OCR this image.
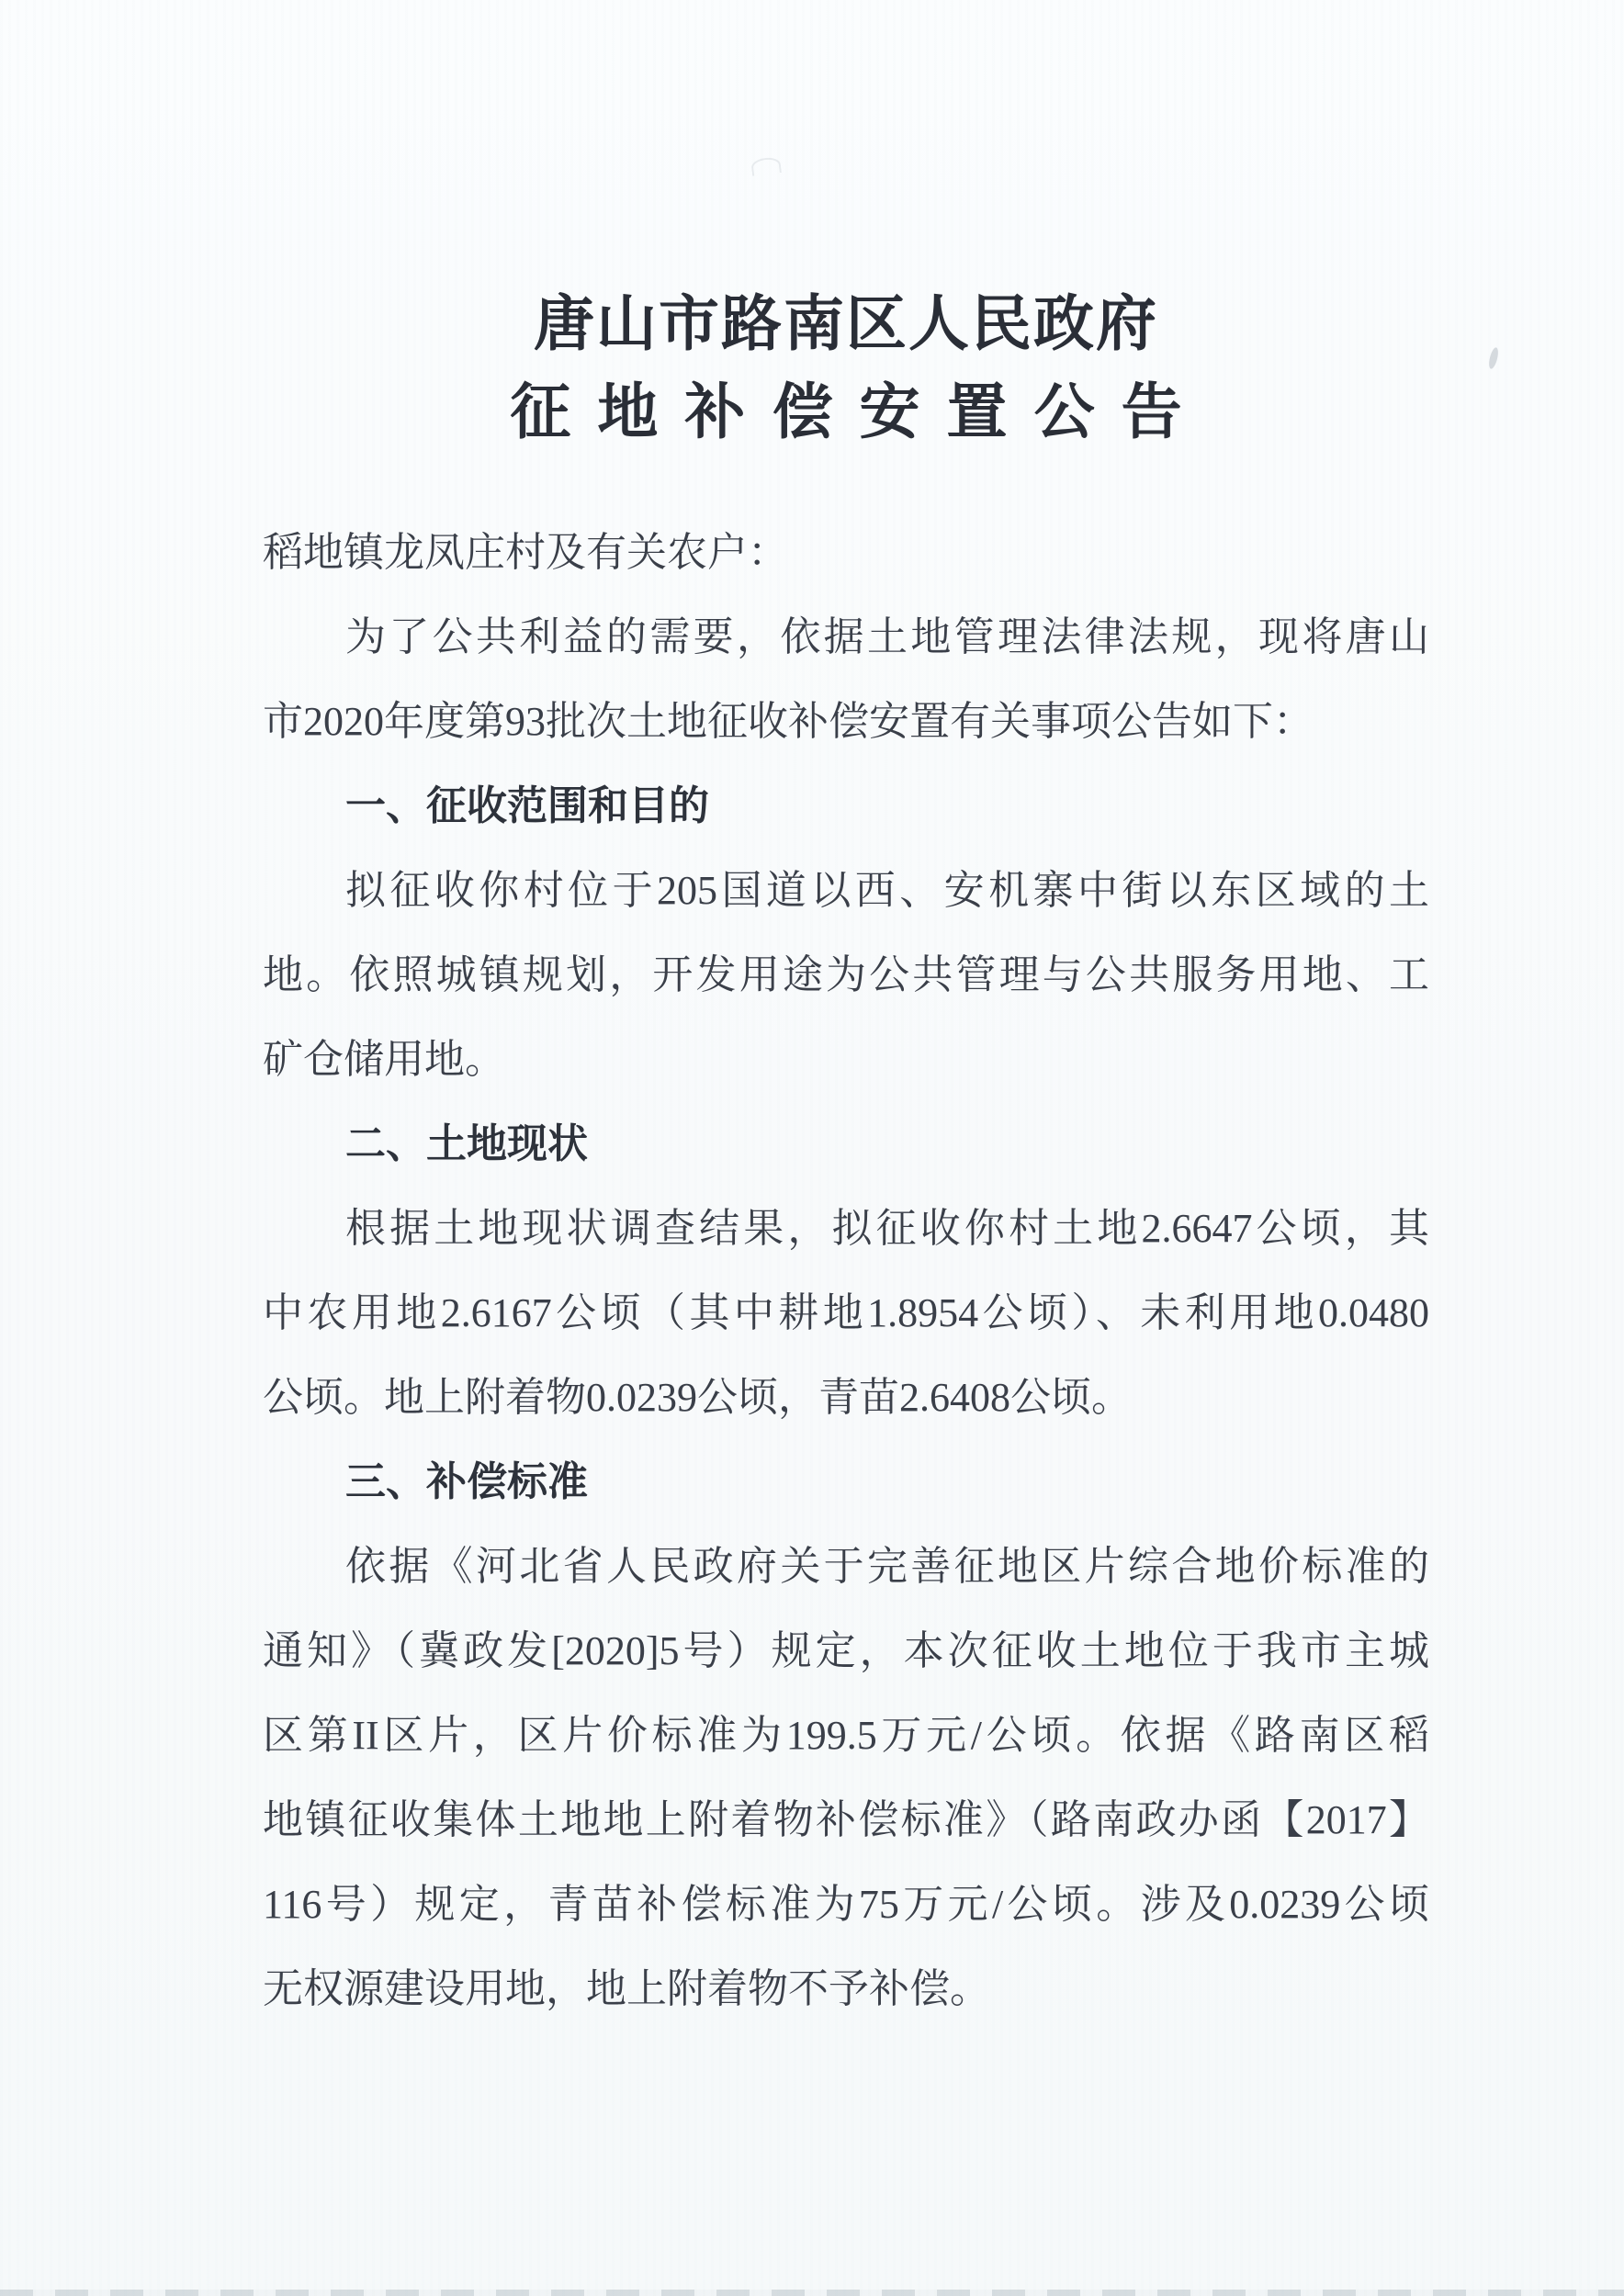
唐山市路南区人民政府
征地补偿安置公告
稻地镇龙凤庄村及有关农户：
为了公共利益的需要，依据土地管理法律法规，现将唐山
市2020年度第93批次土地征收补偿安置有关事项公告如下：
一、征收范围和目的
拟征收你村位于205国道以西、安机寨中街以东区域的土
地。依照城镇规划，开发用途为公共管理与公共服务用地、工
矿仓储用地。
二、土地现状
根据土地现状调查结果，拟征收你村土地2.6647公顷，其
中农用地2.6167公顷（其中耕地1.8954公顷）、未利用地0.0480
公顷。地上附着物0.0239公顷，青苗2.6408公顷。
三、补偿标准
依据《河北省人民政府关于完善征地区片综合地价标准的
通知》（冀政发[2020]5号）规定，本次征收土地位于我市主城
区第II区片，区片价标准为199.5万元/公顷。依据《路南区稻
地镇征收集体土地地上附着物补偿标准》（路南政办函【2017】
116号）规定，青苗补偿标准为75万元/公顷。涉及0.0239公顷
无权源建设用地，地上附着物不予补偿。
